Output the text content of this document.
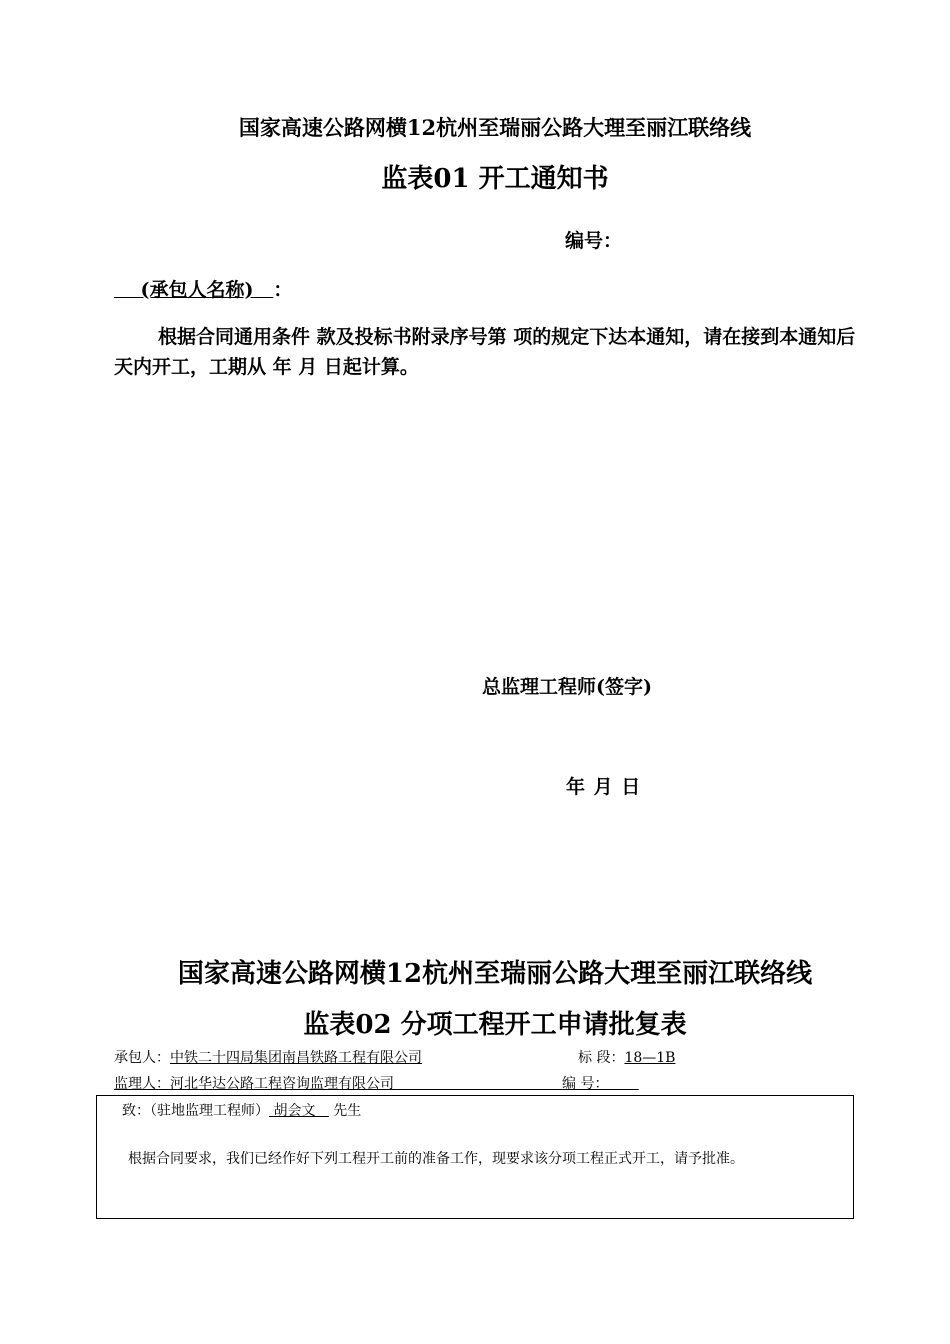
国家高速公路网横12杭州至瑞丽公路大理至丽江联络线
监表01 开工通知书
编号：
(承包人名称) ：
根据合同通用条件 款及投标书附录序号第 项的规定下达本通知，请在接到本通知后 天内开工，工期从 年 月 日起计算。
总监理工程师(签字)
年 月 日
国家高速公路网横12杭州至瑞丽公路大理至丽江联络线
监表02 分项工程开工申请批复表
承包人：中铁二十四局集团南昌铁路工程有限公司	标 段：18—1B
监理人：河北华达公路工程咨询监理有限公司	编 号：
致：（驻地监理工程师） 胡会文 先生
根据合同要求，我们已经作好下列工程开工前的准备工作，现要求该分项工程正式开工，请予批准。
